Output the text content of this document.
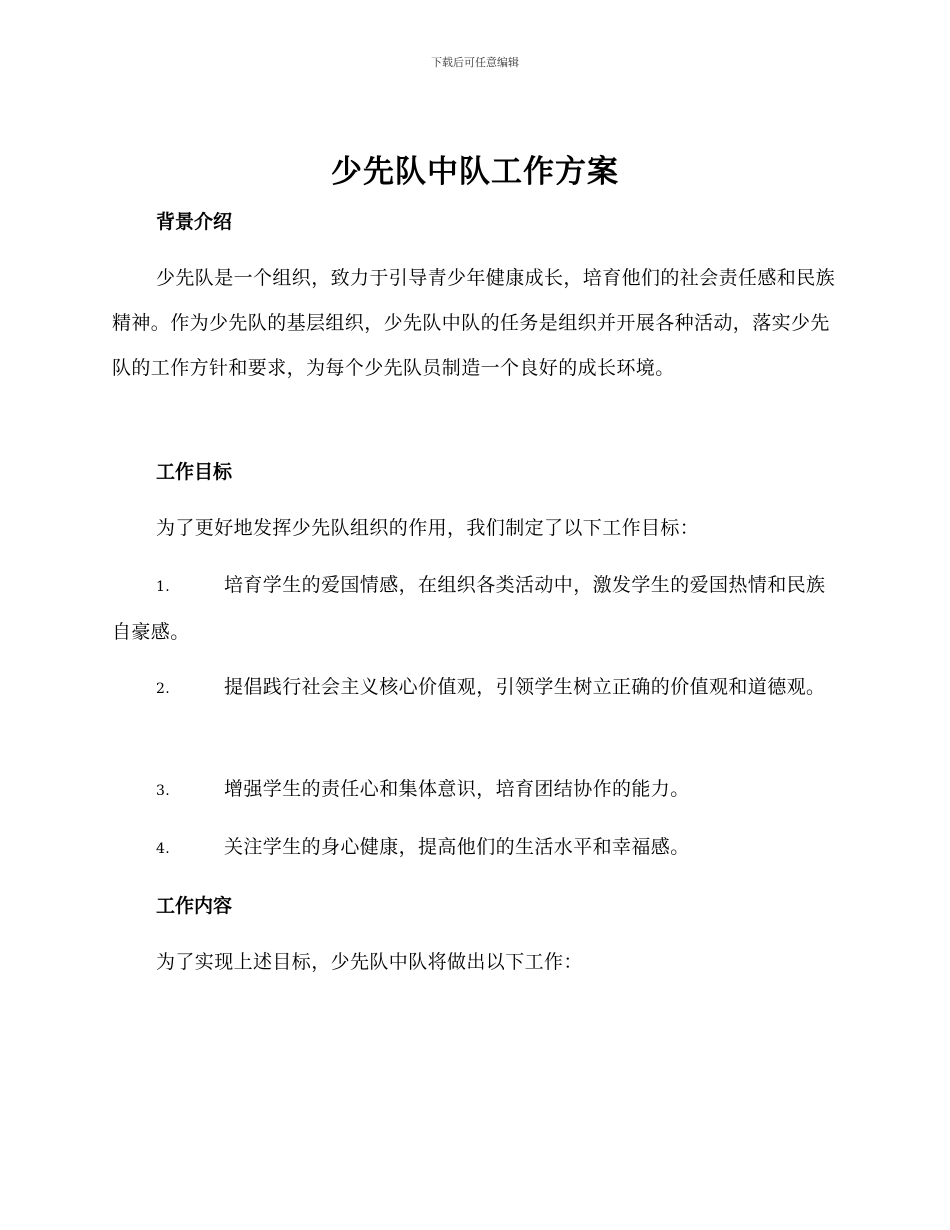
下载后可任意编辑
少先队中队工作方案
背景介绍

少先队是一个组织，致力于引导青少年健康成长，培育他们的社会责任感和民族精神。作为少先队的基层组织，少先队中队的任务是组织并开展各种活动，落实少先队的工作方针和要求，为每个少先队员制造一个良好的成长环境。

工作目标

为了更好地发挥少先队组织的作用，我们制定了以下工作目标：

1.	培育学生的爱国情感，在组织各类活动中，激发学生的爱国热情和民族自豪感。
2.	提倡践行社会主义核心价值观，引领学生树立正确的价值观和道德观。
3.	增强学生的责任心和集体意识，培育团结协作的能力。
4.	关注学生的身心健康，提高他们的生活水平和幸福感。
工作内容

为了实现上述目标，少先队中队将做出以下工作：
